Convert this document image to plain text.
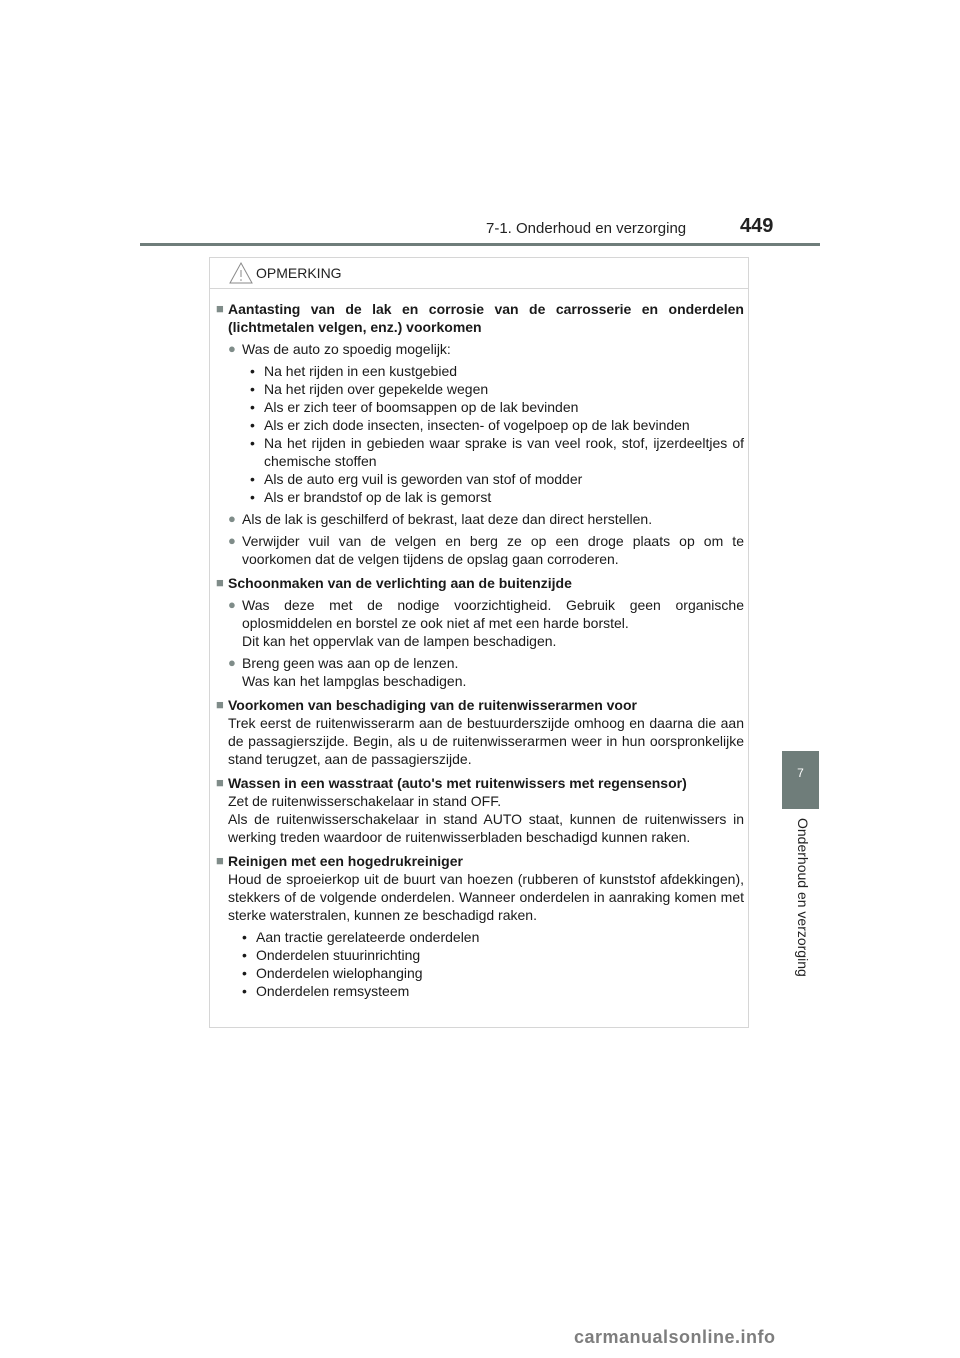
7-1. Onderhoud en verzorging	449
7
Onderhoud en verzorging
OPMERKING
■ Aantasting van de lak en corrosie van de carrosserie en onderdelen (lichtmetalen velgen, enz.) voorkomen
● Was de auto zo spoedig mogelijk:
• Na het rijden in een kustgebied
• Na het rijden over gepekelde wegen
• Als er zich teer of boomsappen op de lak bevinden
• Als er zich dode insecten, insecten- of vogelpoep op de lak bevinden
• Na het rijden in gebieden waar sprake is van veel rook, stof, ijzerdeeltjes of chemische stoffen
• Als de auto erg vuil is geworden van stof of modder
• Als er brandstof op de lak is gemorst
● Als de lak is geschilferd of bekrast, laat deze dan direct herstellen.
● Verwijder vuil van de velgen en berg ze op een droge plaats op om te voorkomen dat de velgen tijdens de opslag gaan corroderen.
■ Schoonmaken van de verlichting aan de buitenzijde
● Was deze met de nodige voorzichtigheid. Gebruik geen organische oplosmiddelen en borstel ze ook niet af met een harde borstel.
Dit kan het oppervlak van de lampen beschadigen.
● Breng geen was aan op de lenzen.
Was kan het lampglas beschadigen.
■ Voorkomen van beschadiging van de ruitenwisserarmen voor
Trek eerst de ruitenwisserarm aan de bestuurderszijde omhoog en daarna die aan de passagierszijde. Begin, als u de ruitenwisserarmen weer in hun oorspronkelijke stand terugzet, aan de passagierszijde.
■ Wassen in een wasstraat (auto's met ruitenwissers met regensensor)
Zet de ruitenwisserschakelaar in stand OFF.
Als de ruitenwisserschakelaar in stand AUTO staat, kunnen de ruitenwissers in werking treden waardoor de ruitenwisserbladen beschadigd kunnen raken.
■ Reinigen met een hogedrukreiniger
Houd de sproeierkop uit de buurt van hoezen (rubberen of kunststof afdekkingen), stekkers of de volgende onderdelen. Wanneer onderdelen in aanraking komen met sterke waterstralen, kunnen ze beschadigd raken.
• Aan tractie gerelateerde onderdelen
• Onderdelen stuurinrichting
• Onderdelen wielophanging
• Onderdelen remsysteem
carmanualsonline.info
